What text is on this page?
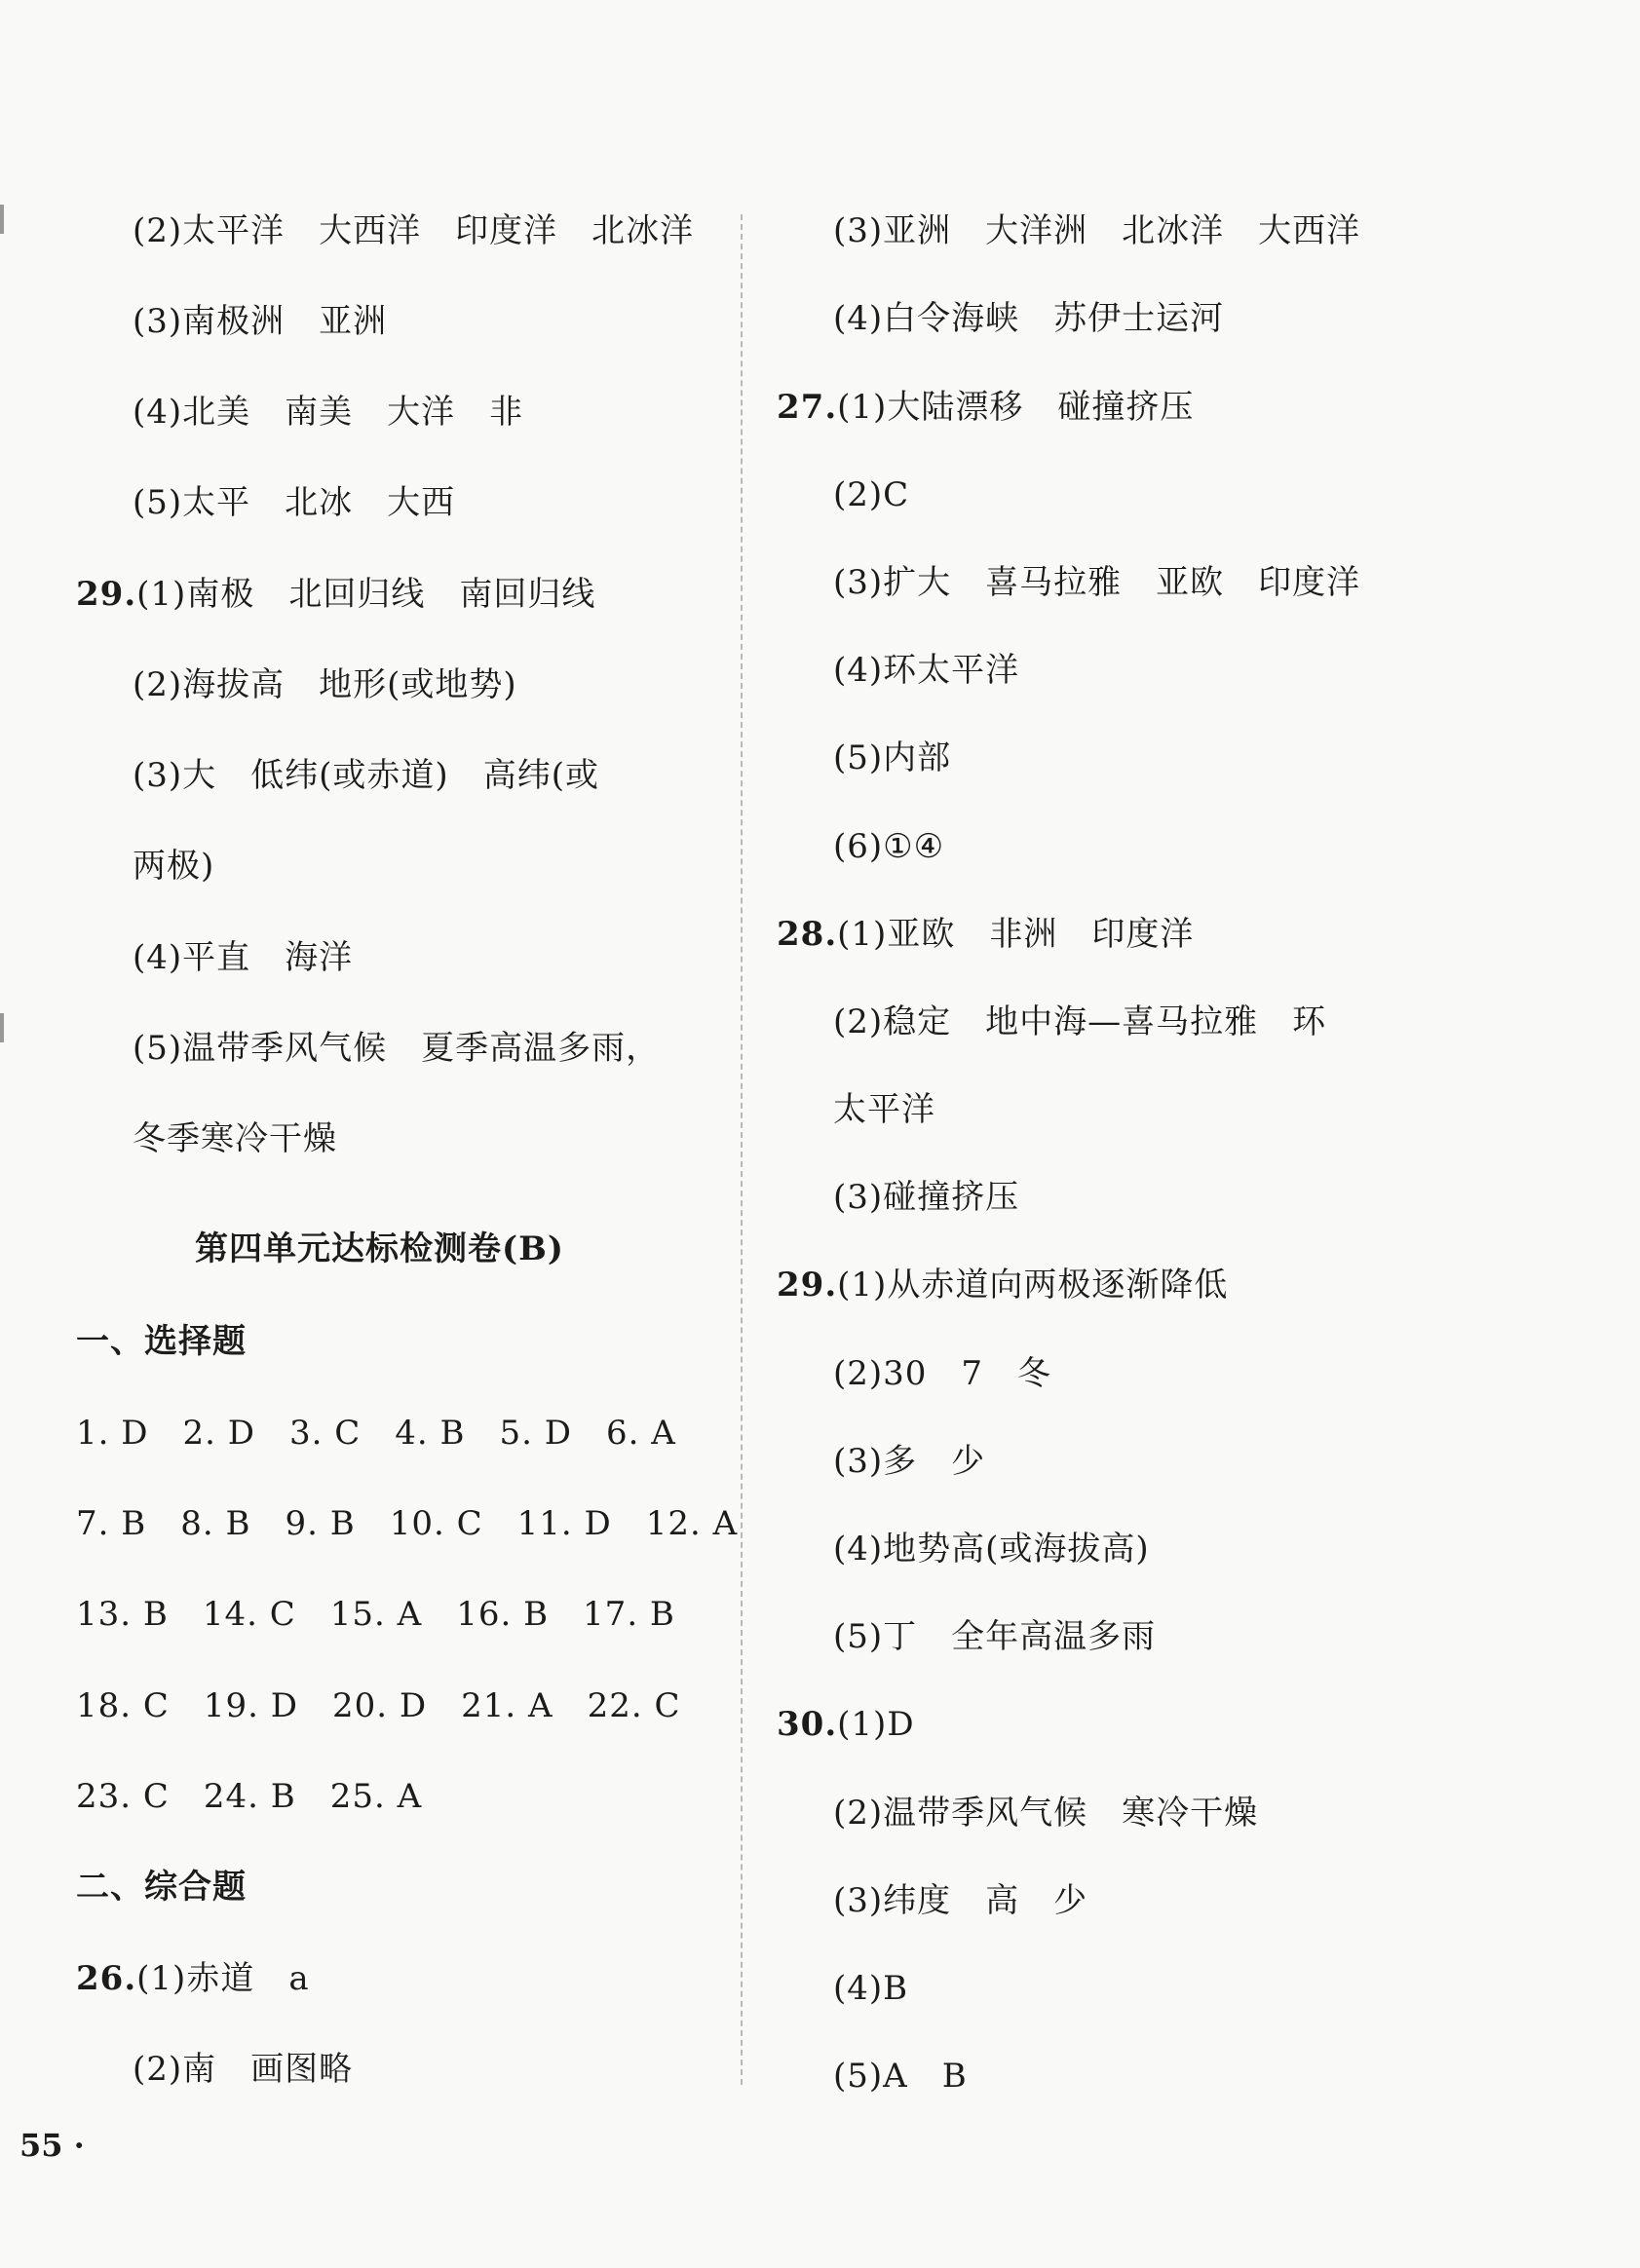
(2)太平洋　大西洋　印度洋　北冰洋
(3)南极洲　亚洲
(4)北美　南美　大洋　非
(5)太平　北冰　大西
29.(1)南极　北回归线　南回归线
(2)海拔高　地形(或地势)
(3)大　低纬(或赤道)　高纬(或
两极)
(4)平直　海洋
(5)温带季风气候　夏季高温多雨，
冬季寒冷干燥
一、选择题
1. D　2. D　3. C　4. B　5. D　6. A
7. B　8. B　9. B　10. C　11. D　12. A
13. B　14. C　15. A　16. B　17. B
18. C　19. D　20. D　21. A　22. C
23. C　24. B　25. A
二、综合题
26.(1)赤道　a
(2)南　画图略
(3)亚洲　大洋洲　北冰洋　大西洋
(4)白令海峡　苏伊士运河
27.(1)大陆漂移　碰撞挤压
(2)C
(3)扩大　喜马拉雅　亚欧　印度洋
(4)环太平洋
(5)内部
(6)①④
28.(1)亚欧　非洲　印度洋
(2)稳定　地中海—喜马拉雅　环
太平洋
(3)碰撞挤压
29.(1)从赤道向两极逐渐降低
(2)30　7　冬
(3)多　少
(4)地势高(或海拔高)
(5)丁　全年高温多雨
30.(1)D
(2)温带季风气候　寒冷干燥
(3)纬度　高　少
(4)B
(5)A　B
第四单元达标检测卷(B)
55 ·
